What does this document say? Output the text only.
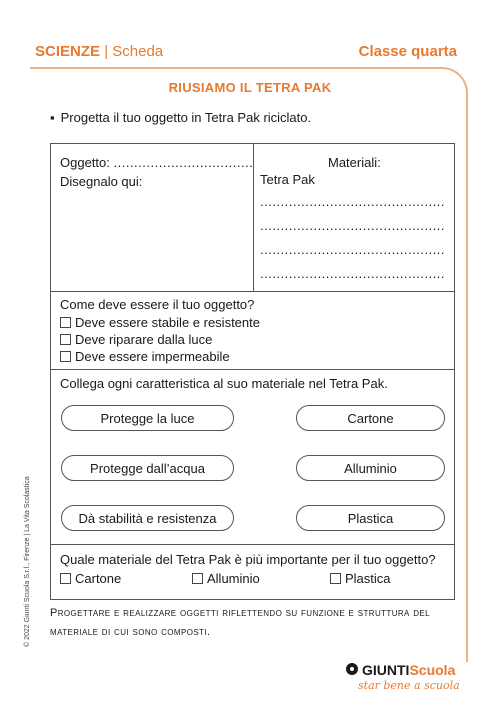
SCIENZE | Scheda	Classe quarta
RIUSIAMO IL TETRA PAK
▪ Progetta il tuo oggetto in Tetra Pak riciclato.
Oggetto: ..................................
Disegnalo qui:
Materiali:
Tetra Pak
.............................................
.............................................
.............................................
.............................................
Come deve essere il tuo oggetto?
Deve essere stabile e resistente
Deve riparare dalla luce
Deve essere impermeabile
Collega ogni caratteristica al suo materiale nel Tetra Pak.
Protegge la luce
Protegge dall’acqua
Dà stabilità e resistenza
Cartone
Alluminio
Plastica
Quale materiale del Tetra Pak è più importante per il tuo oggetto?
Cartone	Alluminio	Plastica
Progettare e realizzare oggetti riflettendo su funzione e struttura del materiale di cui sono composti.
© 2022 Giunti Scuola S.r.l., Firenze | La Vita Scolastica
GIUNTIScuola
star bene a scuola
